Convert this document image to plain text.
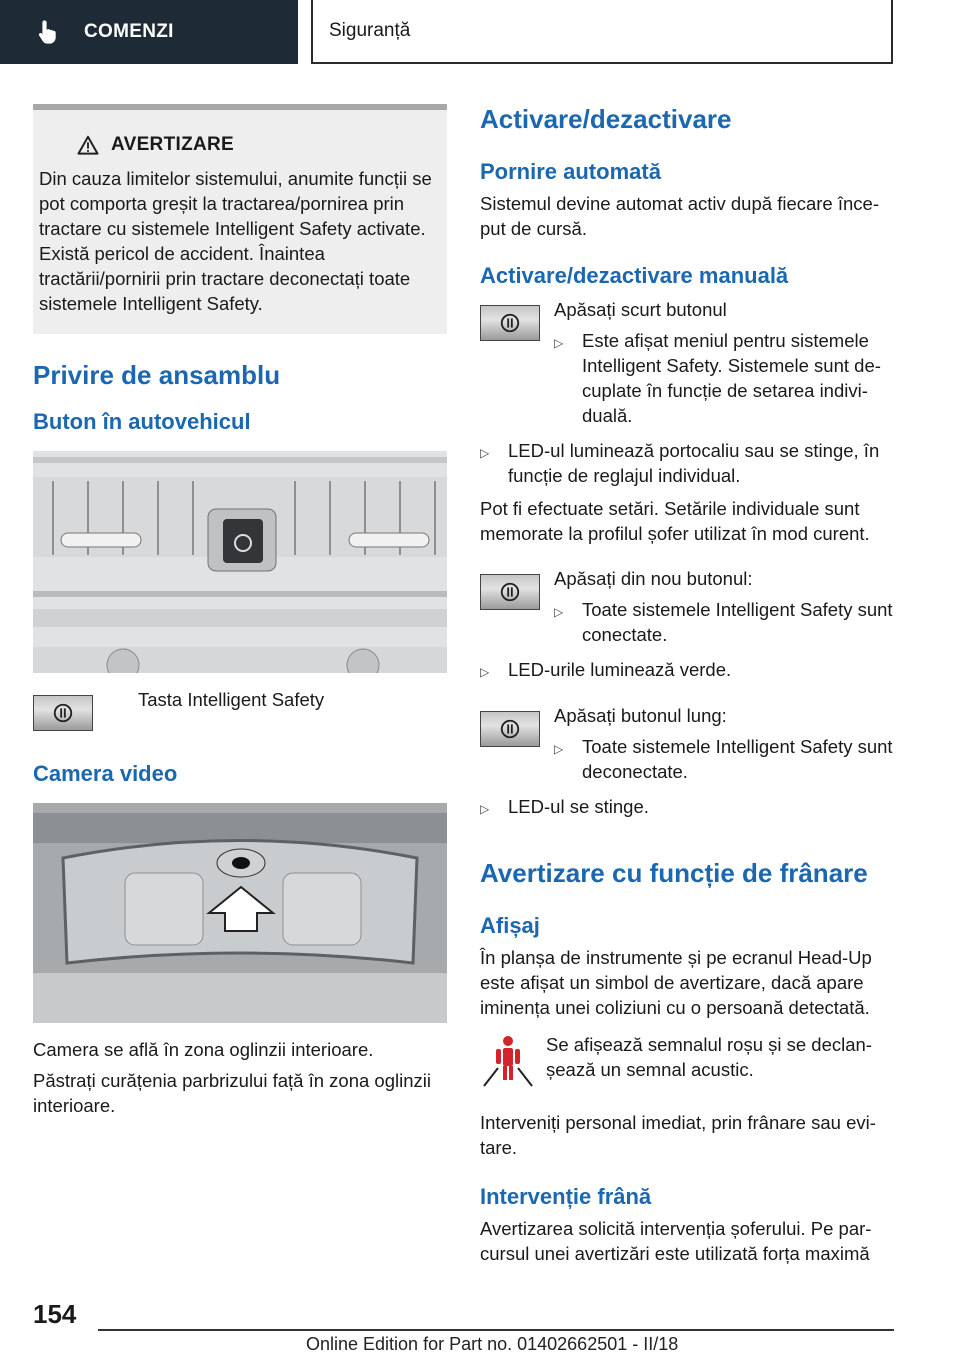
COMENZI	Siguranță
AVERTIZARE
Din cauza limitelor sistemului, anumite funcții se pot comporta greșit la tractarea/pornirea prin tractare cu sistemele Intelligent Safety activate. Există pericol de accident. Înaintea tractării/pornirii prin tractare deconectați toate sistemele Intelligent Safety.
Privire de ansamblu
Buton în autovehicul

Tasta Intelligent Safety

Camera video

Camera se află în zona oglinzii interioare.

Păstrați curățenia parbrizului față în zona oglinzii interioare.

Activare/dezactivare
Pornire automată

Sistemul devine automat activ după fiecare înce- put de cursă.

Activare/dezactivare manuală

Apăsați scurt butonul

▷	Este afișat meniul pentru sistemele Intelligent Safety. Sistemele sunt de- cuplate în funcție de setarea indivi- duală.
▷	LED-ul luminează portocaliu sau se stinge, în funcție de reglajul individual.

Pot fi efectuate setări. Setările individuale sunt memorate la profilul șofer utilizat în mod curent.

Apăsați din nou butonul:

▷	Toate sistemele Intelligent Safety sunt conectate.
▷	LED-urile luminează verde.

Apăsați butonul lung:

▷	Toate sistemele Intelligent Safety sunt deconectate.
▷	LED-ul se stinge.
Avertizare cu funcție de frânare
Afișaj

În planșa de instrumente și pe ecranul Head-Up este afișat un simbol de avertizare, dacă apare iminența unei coliziuni cu o persoană detectată.

Se afișează semnalul roșu și se declan- șează un semnal acustic.

Interveniți personal imediat, prin frânare sau evi- tare.

Intervenție frână

Avertizarea solicită intervenția șoferului. Pe par- cursul unei avertizări este utilizată forța maximă

154
Online Edition for Part no. 01402662501 - II/18
